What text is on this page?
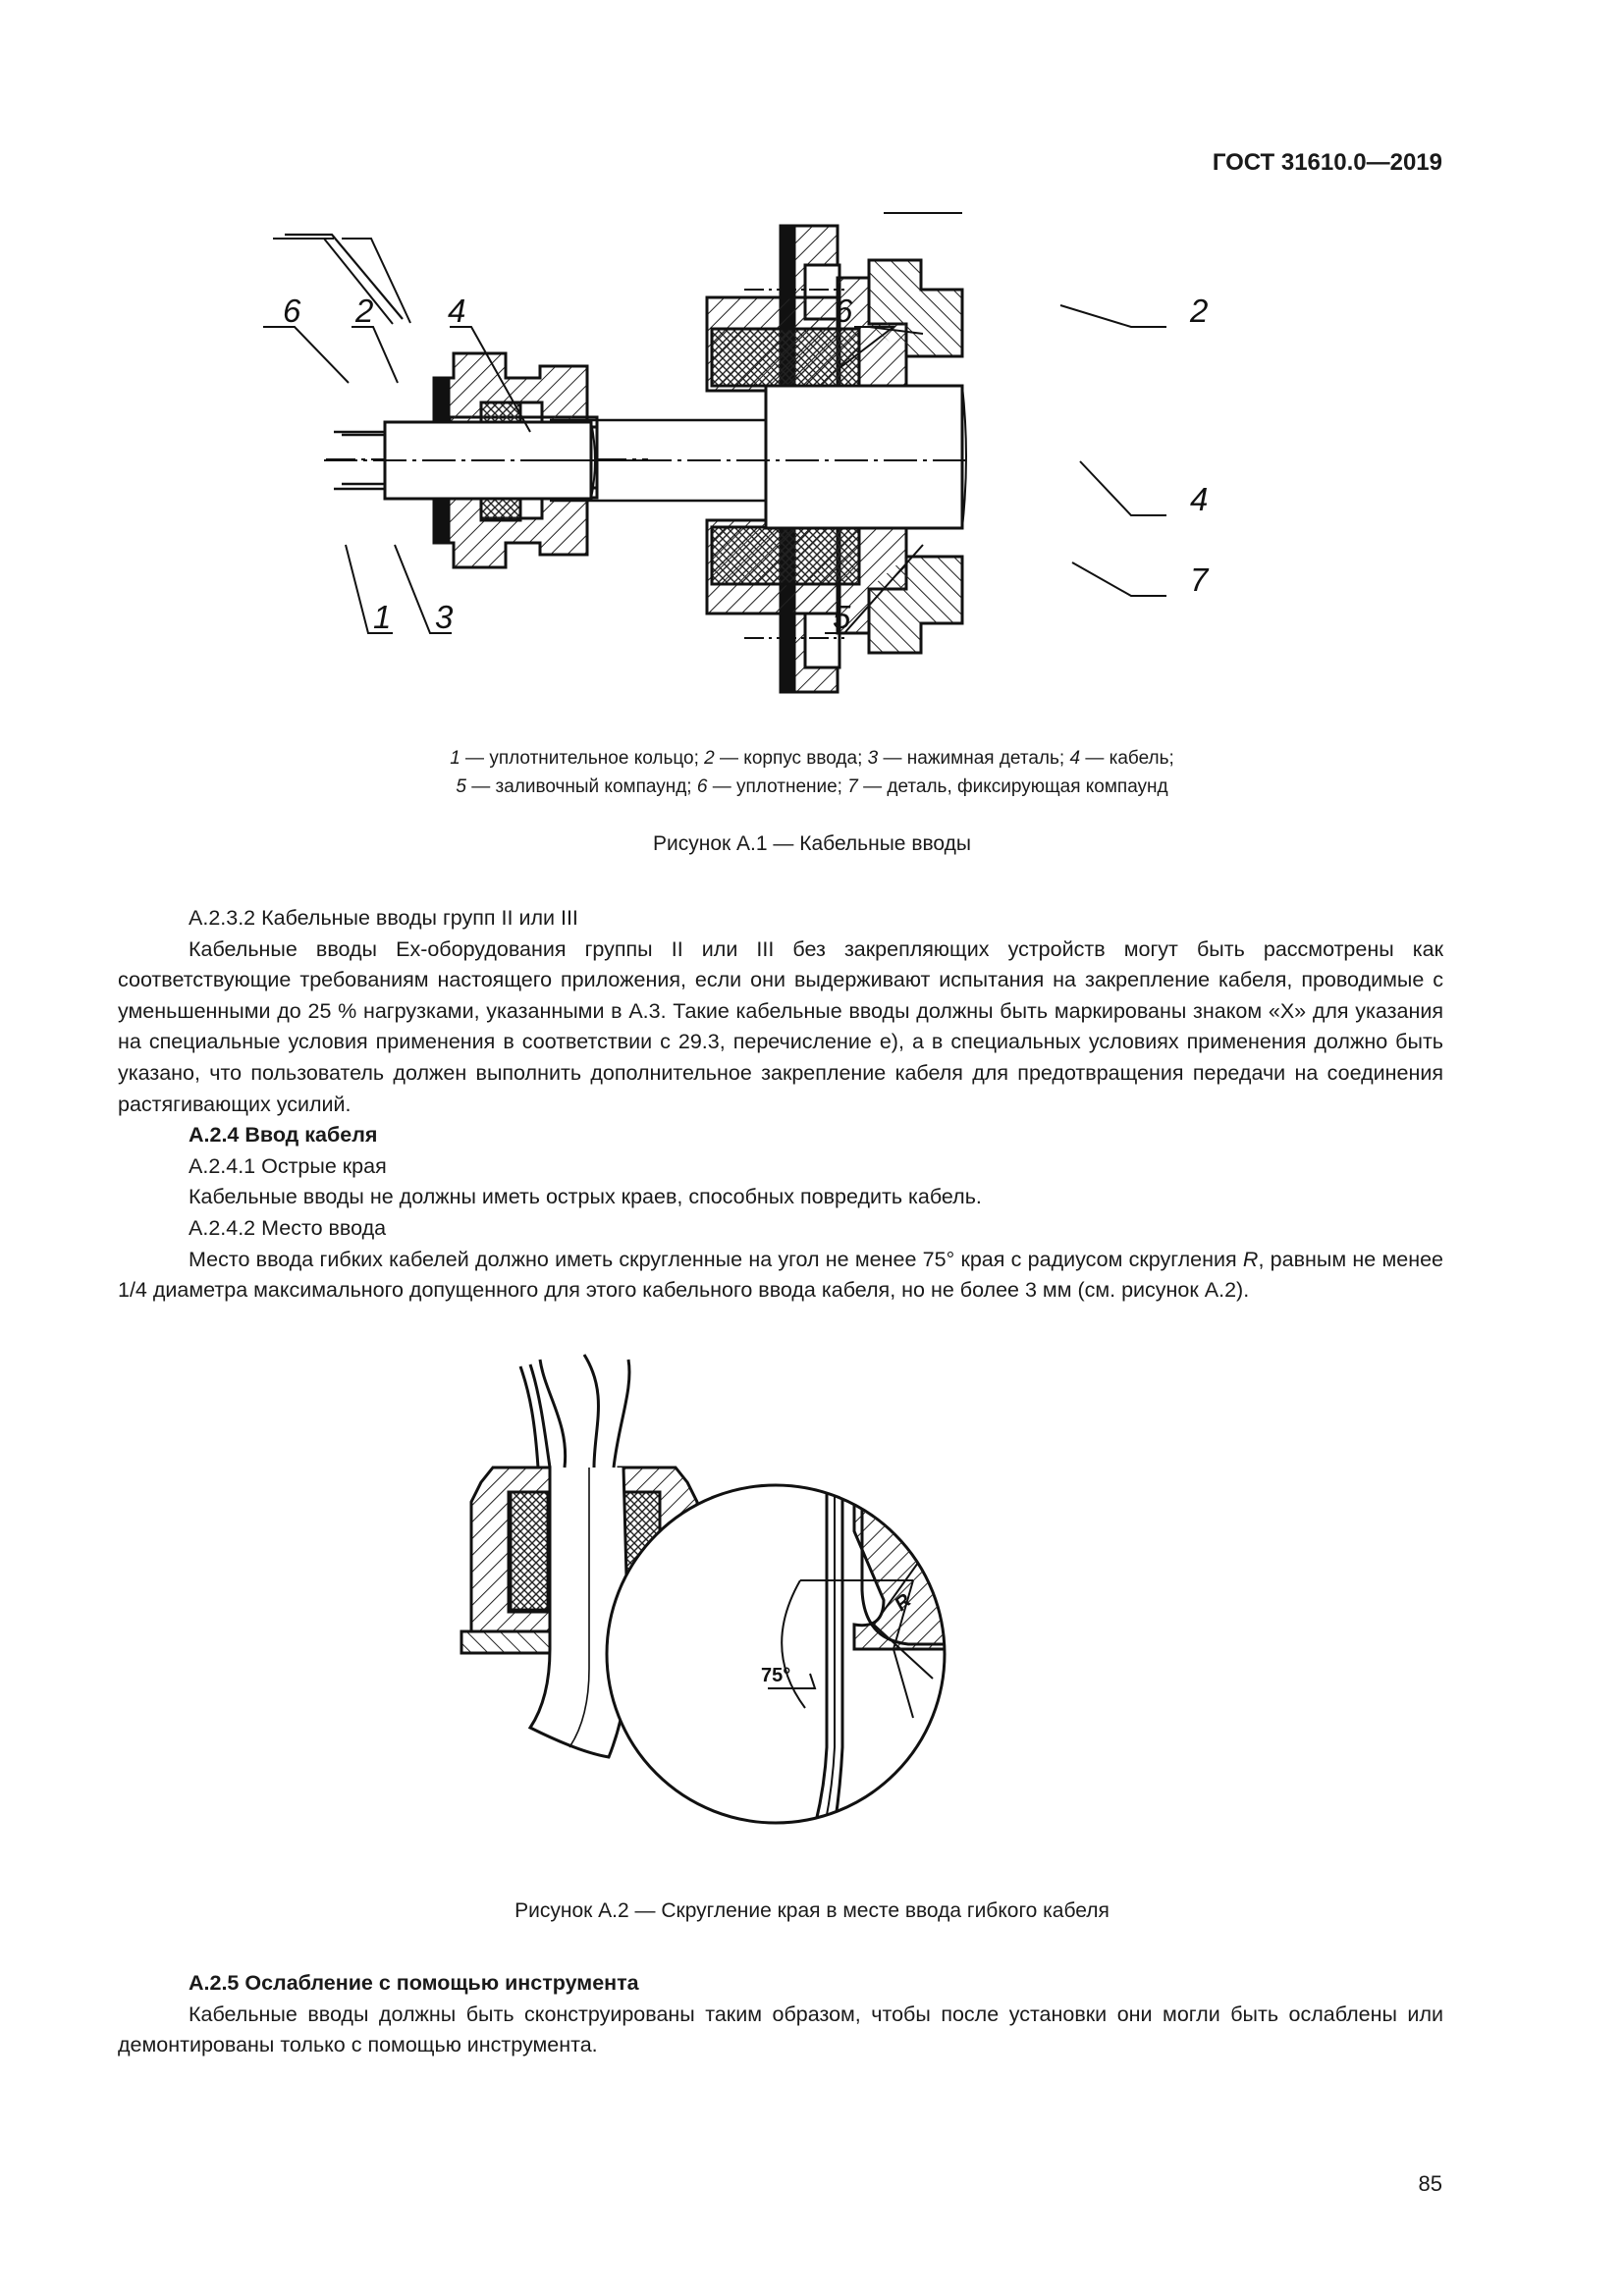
ГОСТ 31610.0—2019
6 2 4
1 3
6	2
4
7
5
1 — уплотнительное кольцо; 2 — корпус ввода; 3 — нажимная деталь; 4 — кабель;
5 — заливочный компаунд; 6 — уплотнение; 7 — деталь, фиксирующая компаунд
Рисунок А.1 — Кабельные вводы

А.2.3.2 Кабельные вводы групп II или III

Кабельные вводы Ex-оборудования группы II или III без закрепляющих устройств могут быть рассмотрены как соответствующие требованиям настоящего приложения, если они выдерживают испытания на закрепление кабеля, проводимые с уменьшенными до 25 % нагрузками, указанными в А.3. Такие кабельные вводы должны быть маркированы знаком «X» для указания на специальные условия применения в соответствии с 29.3, перечисление е), а в специальных условиях применения должно быть указано, что пользователь должен выполнить дополнительное закрепление кабеля для предотвращения передачи на соединения растягивающих усилий.

А.2.4 Ввод кабеля

А.2.4.1 Острые края

Кабельные вводы не должны иметь острых краев, способных повредить кабель.

А.2.4.2 Место ввода

Место ввода гибких кабелей должно иметь скругленные на угол не менее 75° края с радиусом скругления R, равным не менее 1/4 диаметра максимального допущенного для этого кабельного ввода кабеля, но не более 3 мм (см. рисунок А.2).

75°
R
Рисунок А.2 — Скругление края в месте ввода гибкого кабеля

А.2.5 Ослабление с помощью инструмента

Кабельные вводы должны быть сконструированы таким образом, чтобы после установки они могли быть ослаблены или демонтированы только с помощью инструмента.

85
